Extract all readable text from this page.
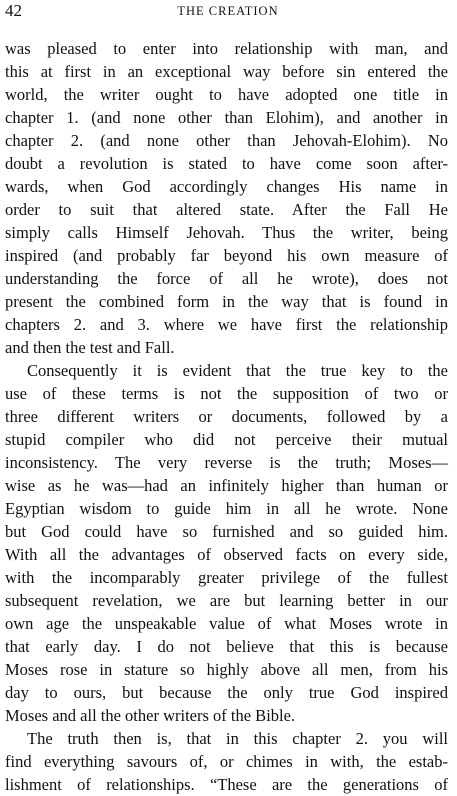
42	THE CREATION
was pleased to enter into relationship with man, and
this at first in an exceptional way before sin entered the
world, the writer ought to have adopted one title in
chapter 1. (and none other than Elohim), and another in
chapter 2. (and none other than Jehovah-Elohim). No
doubt a revolution is stated to have come soon after-
wards, when God accordingly changes His name in
order to suit that altered state. After the Fall He
simply calls Himself Jehovah. Thus the writer, being
inspired (and probably far beyond his own measure of
understanding the force of all he wrote), does not
present the combined form in the way that is found in
chapters 2. and 3. where we have first the relationship
and then the test and Fall.
Consequently it is evident that the true key to the
use of these terms is not the supposition of two or
three different writers or documents, followed by a
stupid compiler who did not perceive their mutual
inconsistency. The very reverse is the truth; Moses—
wise as he was—had an infinitely higher than human or
Egyptian wisdom to guide him in all he wrote. None
but God could have so furnished and so guided him.
With all the advantages of observed facts on every side,
with the incomparably greater privilege of the fullest
subsequent revelation, we are but learning better in our
own age the unspeakable value of what Moses wrote in
that early day. I do not believe that this is because
Moses rose in stature so highly above all men, from his
day to ours, but because the only true God inspired
Moses and all the other writers of the Bible.
The truth then is, that in this chapter 2. you will
find everything savours of, or chimes in with, the estab-
lishment of relationships. “These are the generations of
